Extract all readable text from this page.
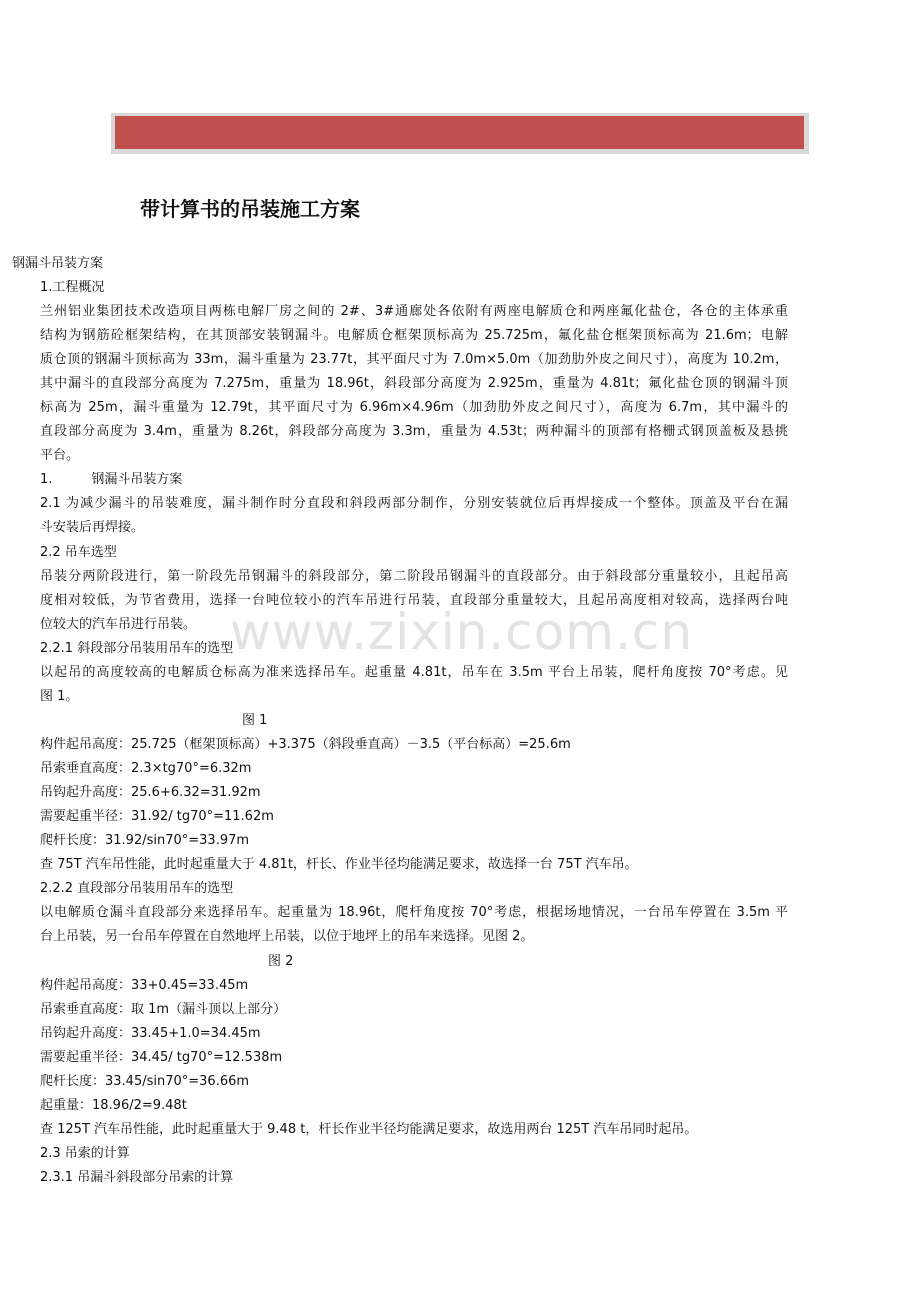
带计算书的吊装施工方案
www.zixin.com.cn
钢漏斗吊装方案
1.工程概况
兰州铝业集团技术改造项目两栋电解厂房之间的 2#、3#通廊处各依附有两座电解质仓和两座氟化盐仓，各仓的主体承重
结构为钢筋砼框架结构，在其顶部安装钢漏斗。电解质仓框架顶标高为 25.725m，氟化盐仓框架顶标高为 21.6m；电解
质仓顶的钢漏斗顶标高为 33m，漏斗重量为 23.77t，其平面尺寸为 7.0m×5.0m（加劲肋外皮之间尺寸），高度为 10.2m，
其中漏斗的直段部分高度为 7.275m，重量为 18.96t，斜段部分高度为 2.925m，重量为 4.81t；氟化盐仓顶的钢漏斗顶
标高为 25m，漏斗重量为 12.79t，其平面尺寸为 6.96m×4.96m（加劲肋外皮之间尺寸），高度为 6.7m，其中漏斗的
直段部分高度为 3.4m，重量为 8.26t，斜段部分高度为 3.3m，重量为 4.53t；两种漏斗的顶部有格栅式钢顶盖板及悬挑
平台。
1.　　　钢漏斗吊装方案
2.1 为减少漏斗的吊装难度，漏斗制作时分直段和斜段两部分制作，分别安装就位后再焊接成一个整体。顶盖及平台在漏
斗安装后再焊接。
2.2 吊车选型
吊装分两阶段进行，第一阶段先吊钢漏斗的斜段部分，第二阶段吊钢漏斗的直段部分。由于斜段部分重量较小，且起吊高
度相对较低，为节省费用，选择一台吨位较小的汽车吊进行吊装，直段部分重量较大，且起吊高度相对较高，选择两台吨
位较大的汽车吊进行吊装。
2.2.1 斜段部分吊装用吊车的选型
以起吊的高度较高的电解质仓标高为准来选择吊车。起重量 4.81t，吊车在 3.5m 平台上吊装，爬杆角度按 70°考虑。见
图 1。
图 1
构件起吊高度：25.725（框架顶标高）+3.375（斜段垂直高）－3.5（平台标高）=25.6m
吊索垂直高度：2.3×tg70°=6.32m
吊钩起升高度：25.6+6.32=31.92m
需要起重半径：31.92/ tg70°=11.62m
爬杆长度：31.92/sin70°=33.97m
查 75T 汽车吊性能，此时起重量大于 4.81t，杆长、作业半径均能满足要求，故选择一台 75T 汽车吊。
2.2.2 直段部分吊装用吊车的选型
以电解质仓漏斗直段部分来选择吊车。起重量为 18.96t，爬杆角度按 70°考虑，根据场地情况，一台吊车停置在 3.5m 平
台上吊装，另一台吊车停置在自然地坪上吊装，以位于地坪上的吊车来选择。见图 2。
图 2
构件起吊高度：33+0.45=33.45m
吊索垂直高度：取 1m（漏斗顶以上部分）
吊钩起升高度：33.45+1.0=34.45m
需要起重半径：34.45/ tg70°=12.538m
爬杆长度：33.45/sin70°=36.66m
起重量：18.96/2=9.48t
查 125T 汽车吊性能，此时起重量大于 9.48 t，杆长作业半径均能满足要求，故选用两台 125T 汽车吊同时起吊。
2.3 吊索的计算
2.3.1 吊漏斗斜段部分吊索的计算
